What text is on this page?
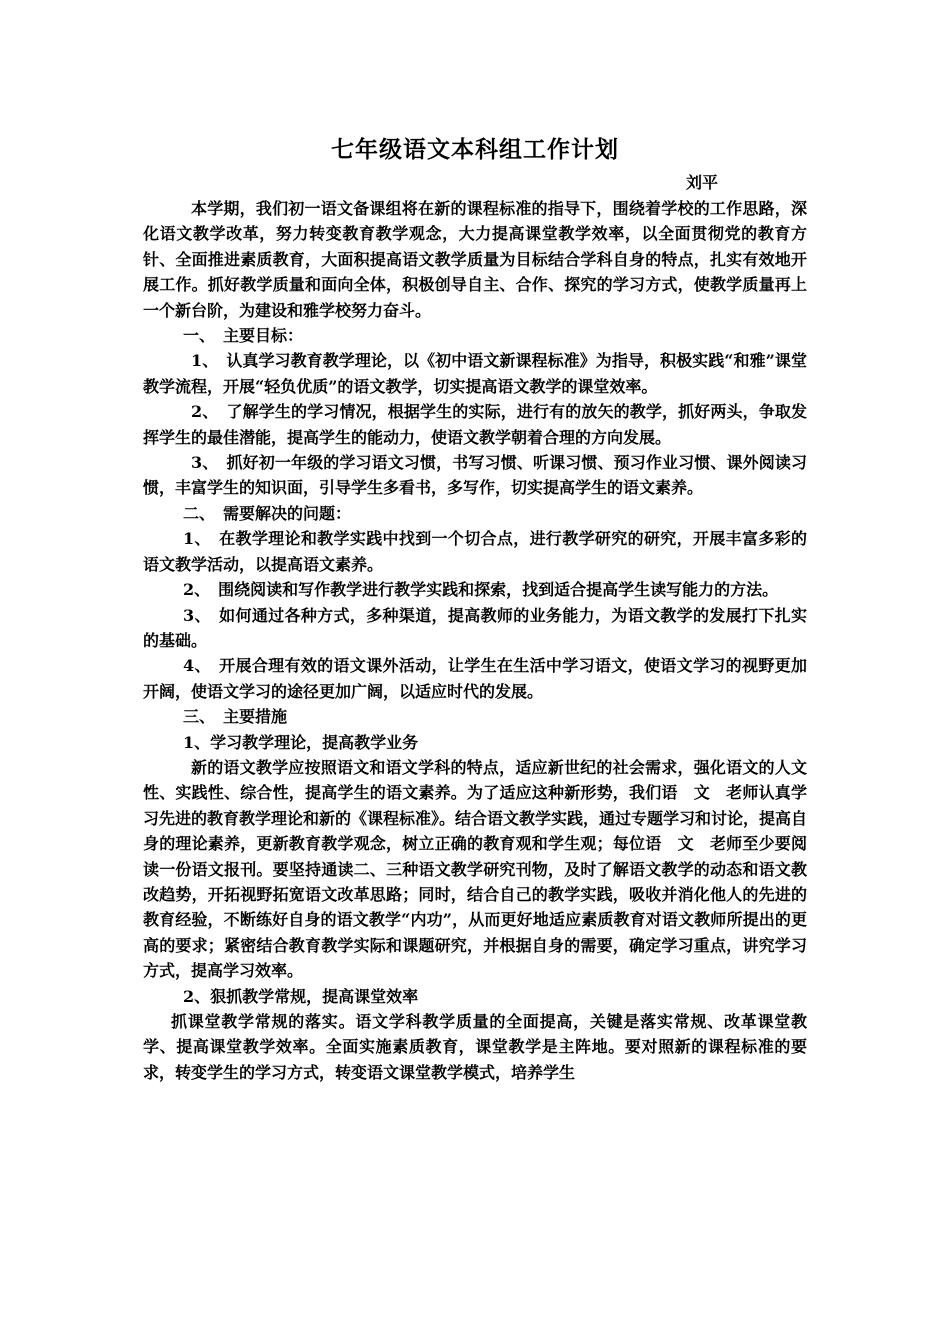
七年级语文本科组工作计划
刘平

本学期，我们初一语文备课组将在新的课程标准的指导下，围绕着学校的工作思路，深化语文教学改革，努力转变教育教学观念，大力提高课堂教学效率，以全面贯彻党的教育方针、全面推进素质教育，大面积提高语文教学质量为目标结合学科自身的特点，扎实有效地开展工作。抓好教学质量和面向全体，积极创导自主、合作、探究的学习方式，使教学质量再上一个新台阶，为建设和雅学校努力奋斗。

一、　主要目标：

1、　认真学习教育教学理论，以《初中语文新课程标准》为指导，积极实践“和雅”课堂教学流程，开展“轻负优质”的语文教学，切实提高语文教学的课堂效率。

2、　了解学生的学习情况，根据学生的实际，进行有的放矢的教学，抓好两头，争取发挥学生的最佳潜能，提高学生的能动力，使语文教学朝着合理的方向发展。

3、　抓好初一年级的学习语文习惯，书写习惯、听课习惯、预习作业习惯、课外阅读习惯，丰富学生的知识面，引导学生多看书，多写作，切实提高学生的语文素养。

二、　需要解决的问题：

1、　在教学理论和教学实践中找到一个切合点，进行教学研究的研究，开展丰富多彩的语文教学活动，以提高语文素养。

2、　围绕阅读和写作教学进行教学实践和探索，找到适合提高学生读写能力的方法。

3、　如何通过各种方式，多种渠道，提高教师的业务能力，为语文教学的发展打下扎实的基础。

4、　开展合理有效的语文课外活动，让学生在生活中学习语文，使语文学习的视野更加开阔，使语文学习的途径更加广阔，以适应时代的发展。

三、　主要措施

1、学习教学理论，提高教学业务

新的语文教学应按照语文和语文学科的特点，适应新世纪的社会需求，强化语文的人文性、实践性、综合性，提高学生的语文素养。为了适应这种新形势，我们语　文　老师认真学习先进的教育教学理论和新的《课程标准》。结合语文教学实践，通过专题学习和讨论，提高自身的理论素养，更新教育教学观念，树立正确的教育观和学生观；每位语　文　老师至少要阅读一份语文报刊。要坚持通读二、三种语文教学研究刊物，及时了解语文教学的动态和语文教改趋势，开拓视野拓宽语文改革思路；同时，结合自己的教学实践，吸收并消化他人的先进的教育经验，不断练好自身的语文教学“内功”，从而更好地适应素质教育对语文教师所提出的更高的要求；紧密结合教育教学实际和课题研究，并根据自身的需要，确定学习重点，讲究学习方式，提高学习效率。

2、狠抓教学常规，提高课堂效率

抓课堂教学常规的落实。语文学科教学质量的全面提高，关键是落实常规、改革课堂教学、提高课堂教学效率。全面实施素质教育，课堂教学是主阵地。要对照新的课程标准的要求，转变学生的学习方式，转变语文课堂教学模式，培养学生
